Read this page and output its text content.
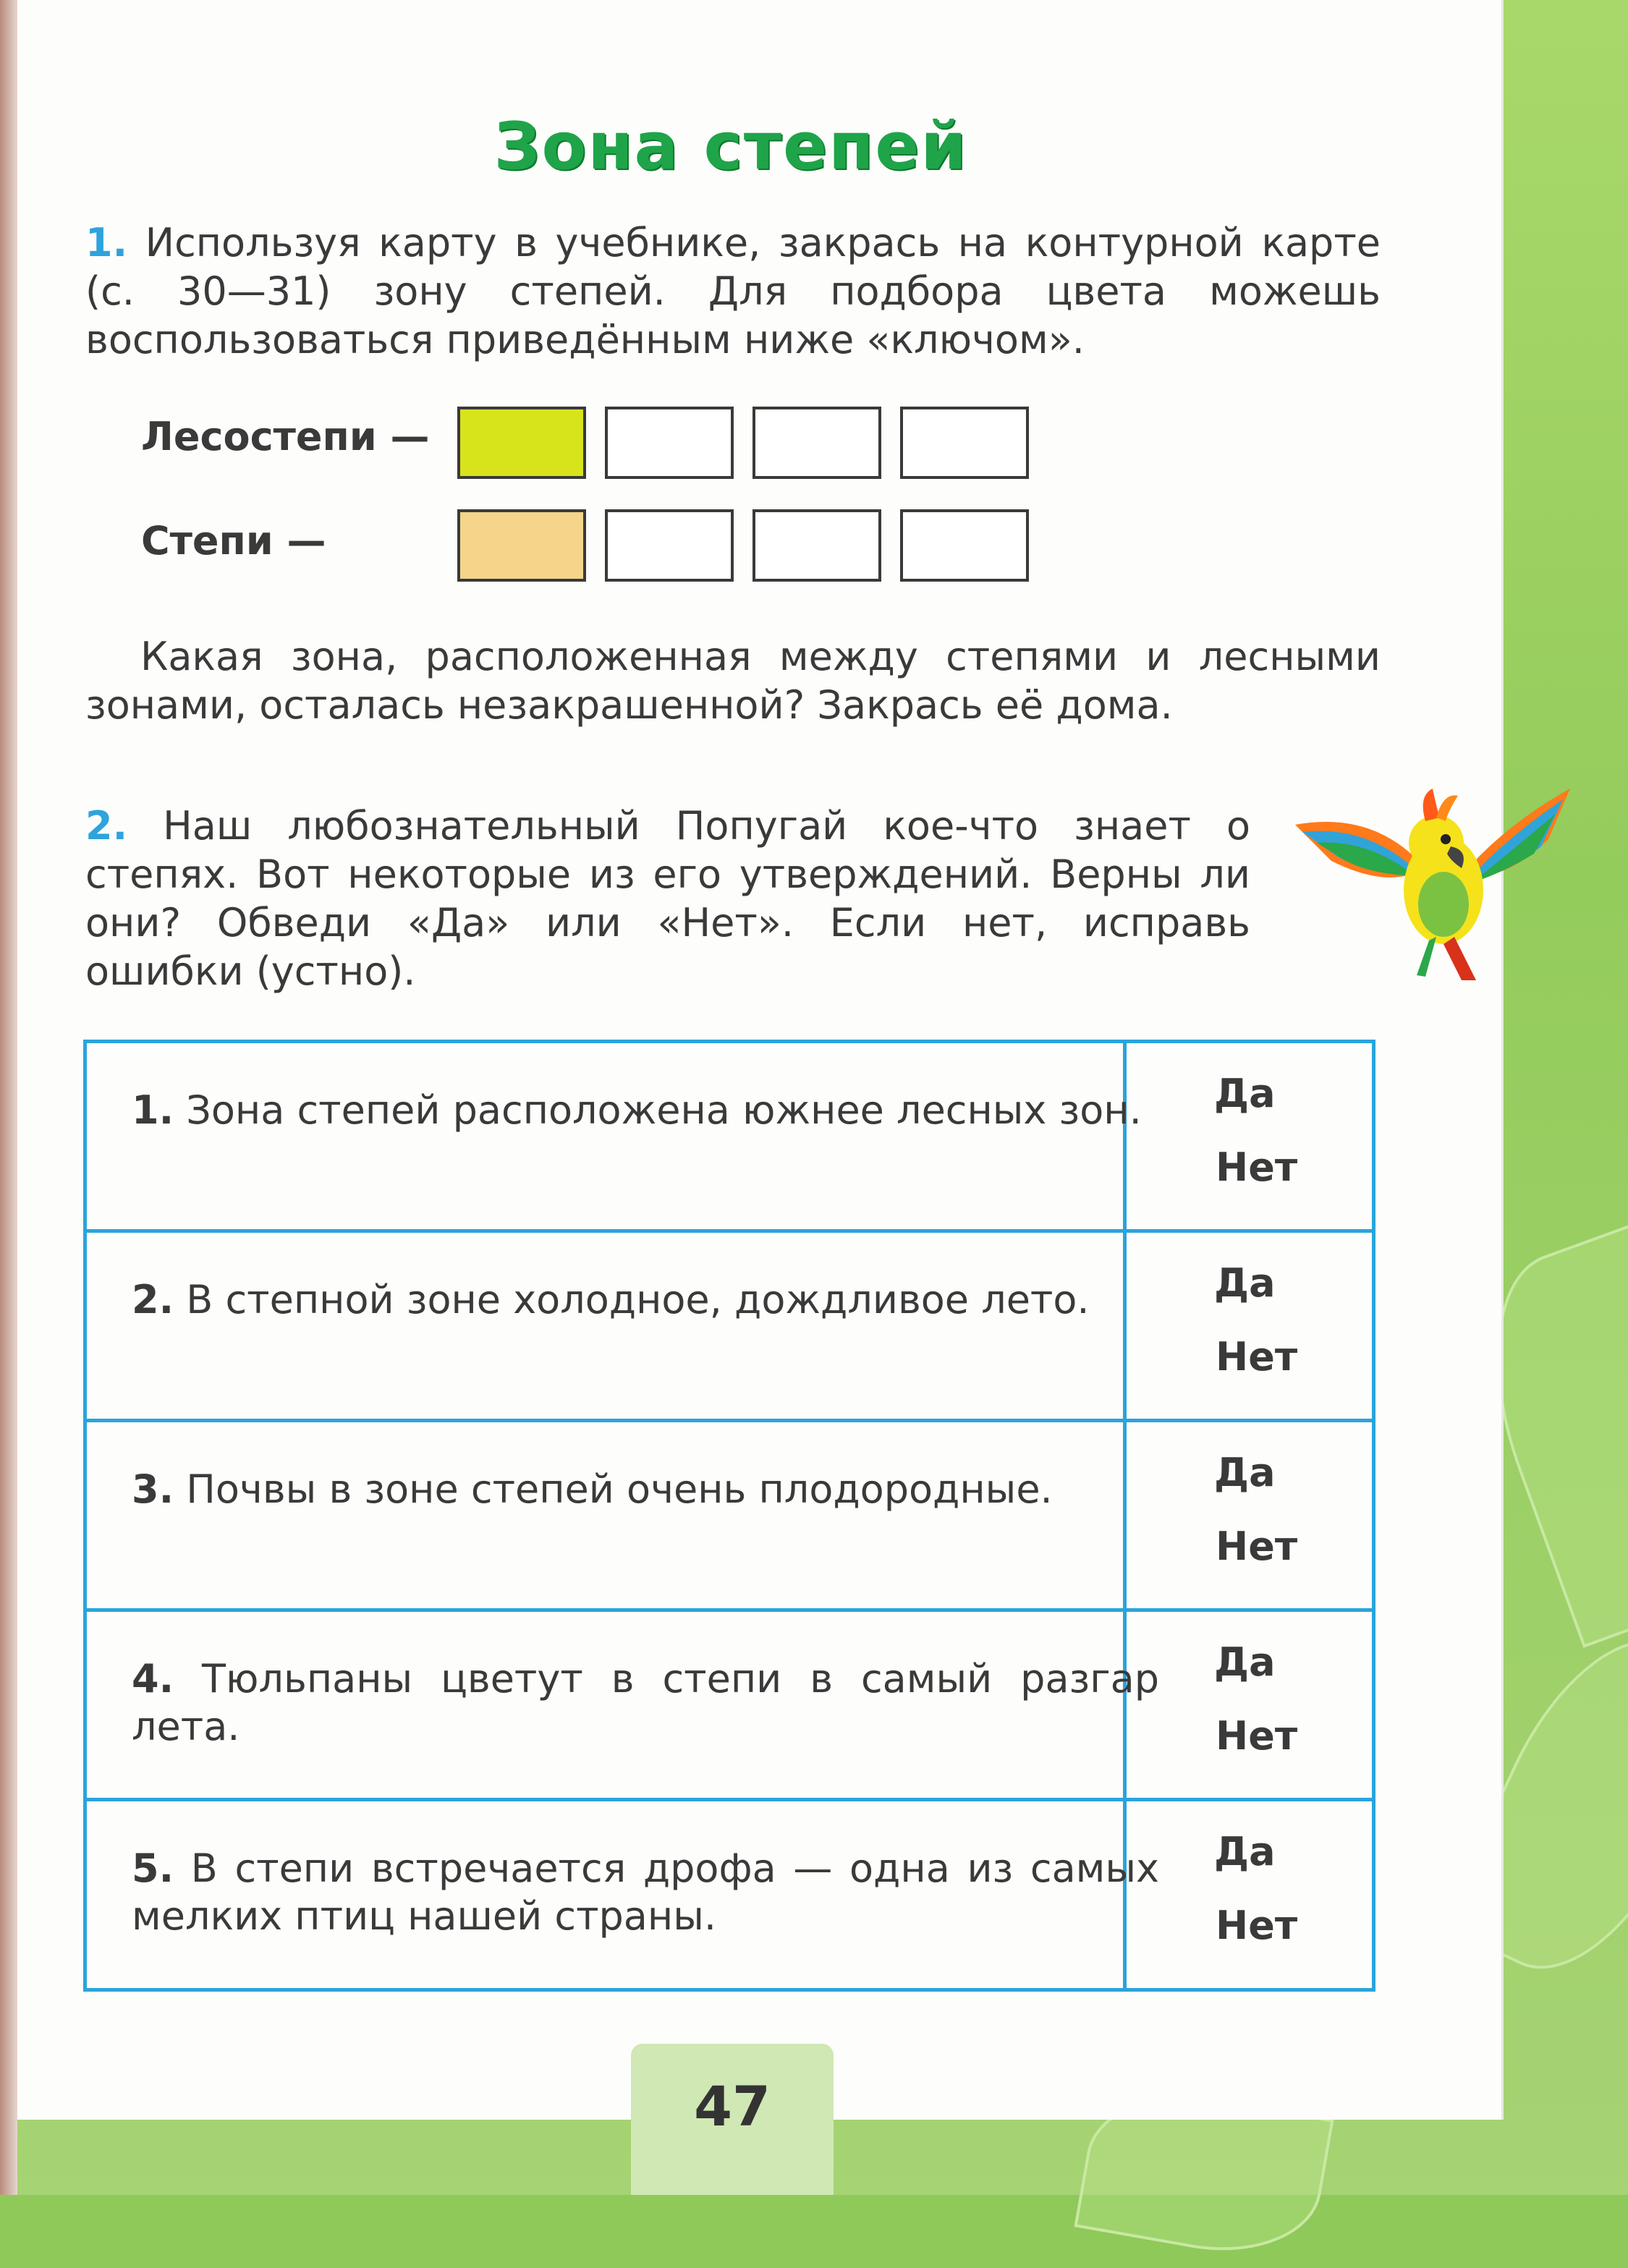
Зона степей
1. Используя карту в учебнике, закрась на контурной карте (с. 30—31) зону степей. Для подбора цвета можешь воспользоваться приведённым ниже «ключом».
Лесостепи —
Степи —
Какая зона, расположенная между степями и лесными зонами, осталась незакрашенной? Закрась её дома.
2. Наш любознательный Попугай кое-что знает о степях. Вот некоторые из его утверждений. Верны ли они? Обведи «Да» или «Нет». Если нет, исправь ошибки (устно).
1. Зона степей расположена южнее лесных зон.	Да
Нет
2. В степной зоне холодное, дождливое лето.	Да
Нет
3. Почвы в зоне степей очень плодородные.	Да
Нет
4. Тюльпаны цветут в степи в самый разгар лета.
Да
Нет
5. В степи встречается дрофа — одна из самых мелких птиц нашей страны.
Да
Нет
47
